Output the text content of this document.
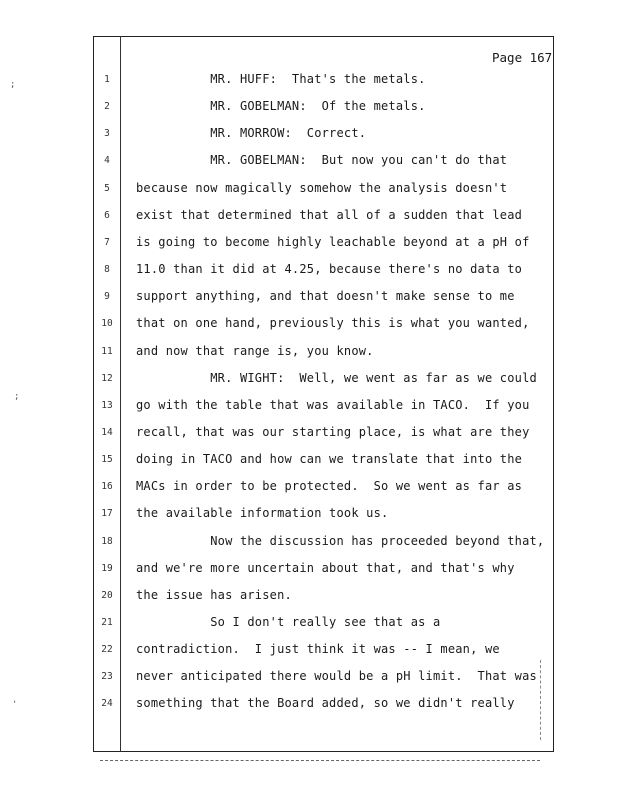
;
;
'
Page 167
1	MR. HUFF:  That's the metals.
2	MR. GOBELMAN:  Of the metals.
3	MR. MORROW:  Correct.
4	MR. GOBELMAN:  But now you can't do that
5	because now magically somehow the analysis doesn't
6	exist that determined that all of a sudden that lead
7	is going to become highly leachable beyond at a pH of
8	11.0 than it did at 4.25, because there's no data to
9	support anything, and that doesn't make sense to me
10	that on one hand, previously this is what you wanted,
11	and now that range is, you know.
12	MR. WIGHT:  Well, we went as far as we could
13	go with the table that was available in TACO.  If you
14	recall, that was our starting place, is what are they
15	doing in TACO and how can we translate that into the
16	MACs in order to be protected.  So we went as far as
17	the available information took us.
18	Now the discussion has proceeded beyond that,
19	and we're more uncertain about that, and that's why
20	the issue has arisen.
21	So I don't really see that as a
22	contradiction.  I just think it was -- I mean, we
23	never anticipated there would be a pH limit.  That was
24	something that the Board added, so we didn't really
